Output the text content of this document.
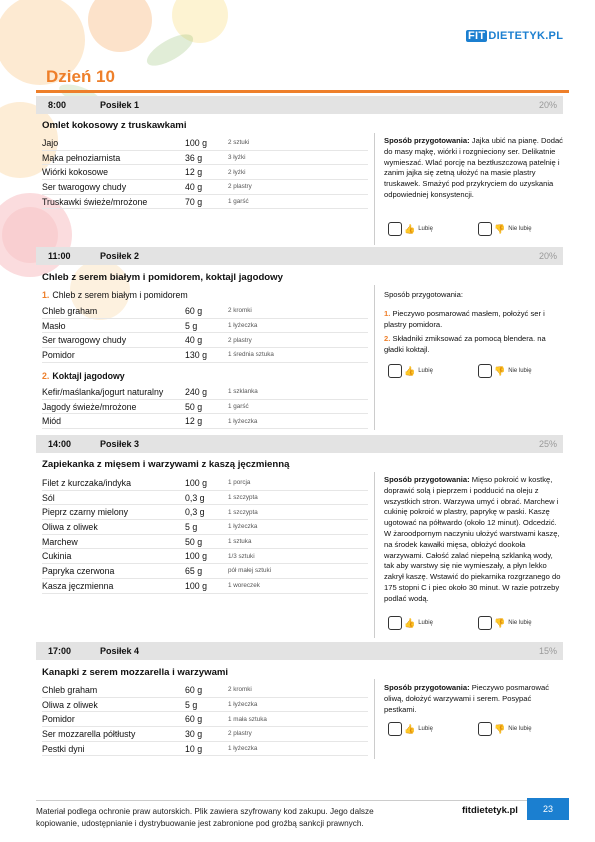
FIT DIETETYK.PL
Dzień 10
8:00	Posiłek 1	20%
Omlet kokosowy z truskawkami
Jajo	100 g	2 sztuki
Mąka pełnoziarnista	36 g	3 łyżki
Wiórki kokosowe	12 g	2 łyżki
Ser twarogowy chudy	40 g	2 plastry
Truskawki świeże/mrożone	70 g	1 garść
Sposób przygotowania: Jajka ubić na pianę. Dodać do masy mąkę, wiórki i rozgnieciony ser. Delikatnie wymieszać. Wlać porcję na beztłuszczową patelnię i zanim jajka się zetną ułożyć na masie plastry truskawek. Smażyć pod przykryciem do uzyskania odpowiedniej konsystencji.
👍 Lubię	👎 Nie lubię
11:00	Posiłek 2	20%
Chleb z serem białym i pomidorem, koktajl jagodowy
1. Chleb z serem białym i pomidorem
Chleb graham	60 g	2 kromki
Masło	5 g	1 łyżeczka
Ser twarogowy chudy	40 g	2 plastry
Pomidor	130 g	1 średnia sztuka
2. Koktajl jagodowy
Kefir/maślanka/jogurt naturalny	240 g	1 szklanka
Jagody świeże/mrożone	50 g	1 garść
Miód	12 g	1 łyżeczka
Sposób przygotowania:
1. Pieczywo posmarować masłem, położyć ser i plastry pomidora.
2. Składniki zmiksować za pomocą blendera. na gładki koktajl.
👍 Lubię	👎 Nie lubię
14:00	Posiłek 3	25%
Zapiekanka z mięsem i warzywami z kaszą jęczmienną
Filet z kurczaka/indyka	100 g	1 porcja
Sól	0,3 g	1 szczypta
Pieprz czarny mielony	0,3 g	1 szczypta
Oliwa z oliwek	5 g	1 łyżeczka
Marchew	50 g	1 sztuka
Cukinia	100 g	1/3 sztuki
Papryka czerwona	65 g	pół małej sztuki
Kasza jęczmienna	100 g	1 woreczek
Sposób przygotowania: Mięso pokroić w kostkę, doprawić solą i pieprzem i podducić na oleju z wszystkich stron. Warzywa umyć i obrać. Marchew i cukinię pokroić w plastry, paprykę w paski. Kaszę ugotować na półtwardo (około 12 minut). Odcedzić. W żaroodpornym naczyniu ułożyć warstwami kaszę, na środek kawałki mięsa, obłożyć dookoła warzywami. Całość zalać niepełną szklanką wody, tak aby warstwy się nie wymieszały, a płyn lekko zakrył kaszę. Wstawić do piekarnika rozgrzanego do 175 stopni C i piec około 30 minut. W razie potrzeby podlać wodą.
👍 Lubię	👎 Nie lubię
17:00	Posiłek 4	15%
Kanapki z serem mozzarella i warzywami
Chleb graham	60 g	2 kromki
Oliwa z oliwek	5 g	1 łyżeczka
Pomidor	60 g	1 mała sztuka
Ser mozzarella półtłusty	30 g	2 plastry
Pestki dyni	10 g	1 łyżeczka
Sposób przygotowania: Pieczywo posmarować oliwą, dołożyć warzywami i serem. Posypać pestkami.
👍 Lubię	👎 Nie lubię
Materiał podlega ochronie praw autorskich. Plik zawiera szyfrowany kod zakupu. Jego dalsze kopiowanie, udostępnianie i dystrybuowanie jest zabronione pod groźbą sankcji prawnych.
fitdietetyk.pl	23
